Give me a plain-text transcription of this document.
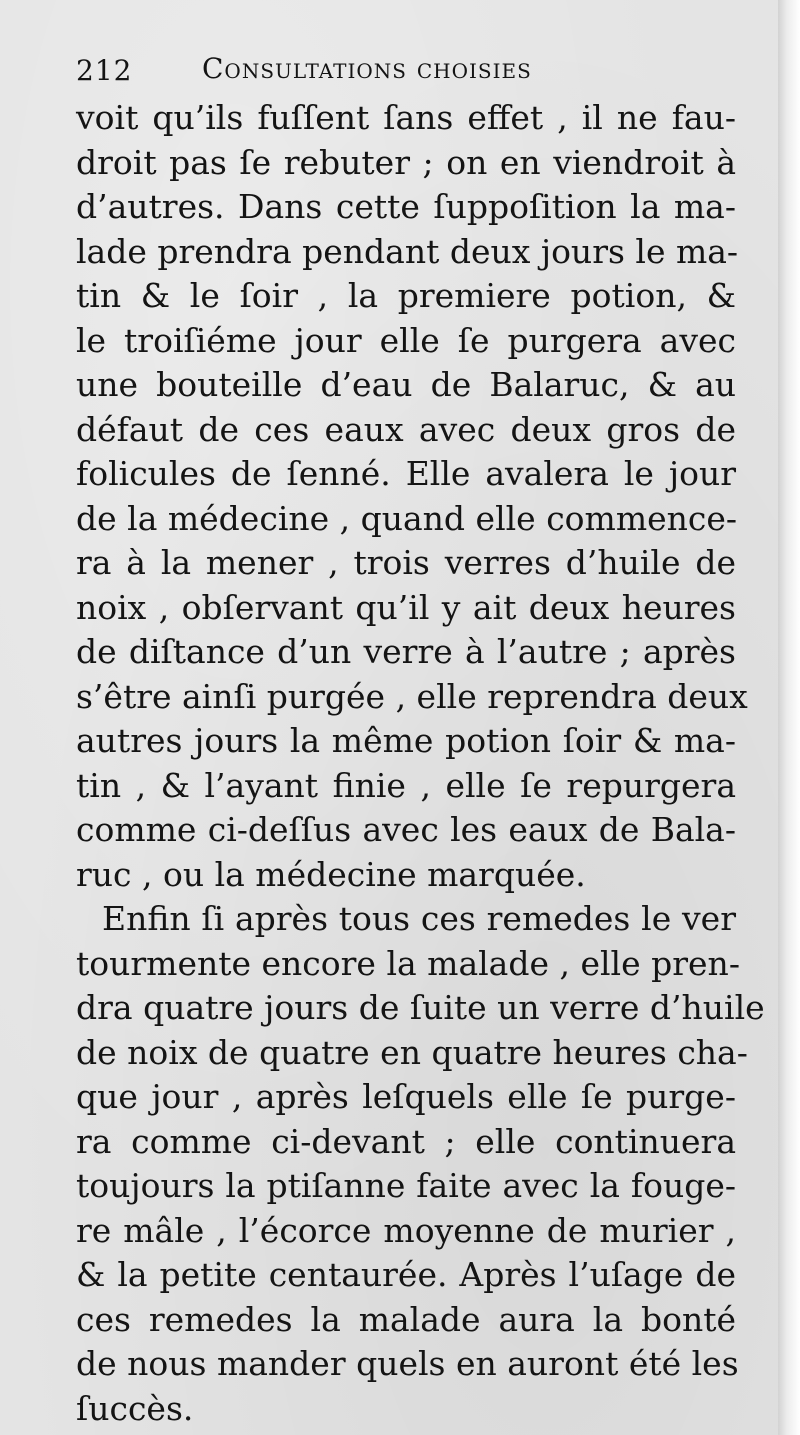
212 Consultations choisies
voit qu’ils fuſſent ſans effet , il ne fau-
droit pas ſe rebuter ; on en viendroit à
d’autres. Dans cette ſuppoſition la ma-
lade prendra pendant deux jours le ma-
tin & le ſoir , la premiere potion, &
le troiſiéme jour elle ſe purgera avec
une bouteille d’eau de Balaruc, & au
défaut de ces eaux avec deux gros de
folicules de ſenné. Elle avalera le jour
de la médecine , quand elle commence-
ra à la mener , trois verres d’huile de
noix , obſervant qu’il y ait deux heures
de diſtance d’un verre à l’autre ; après
s’être ainſi purgée , elle reprendra deux
autres jours la même potion ſoir & ma-
tin , & l’ayant finie , elle ſe repurgera
comme ci-deſſus avec les eaux de Bala-
ruc , ou la médecine marquée.
Enfin ſi après tous ces remedes le ver
tourmente encore la malade , elle pren-
dra quatre jours de ſuite un verre d’huile
de noix de quatre en quatre heures cha-
que jour , après leſquels elle ſe purge-
ra comme ci-devant ; elle continuera
toujours la ptiſanne faite avec la fouge-
re mâle , l’écorce moyenne de murier ,
& la petite centaurée. Après l’uſage de
ces remedes la malade aura la bonté
de nous mander quels en auront été les
ſuccès.
